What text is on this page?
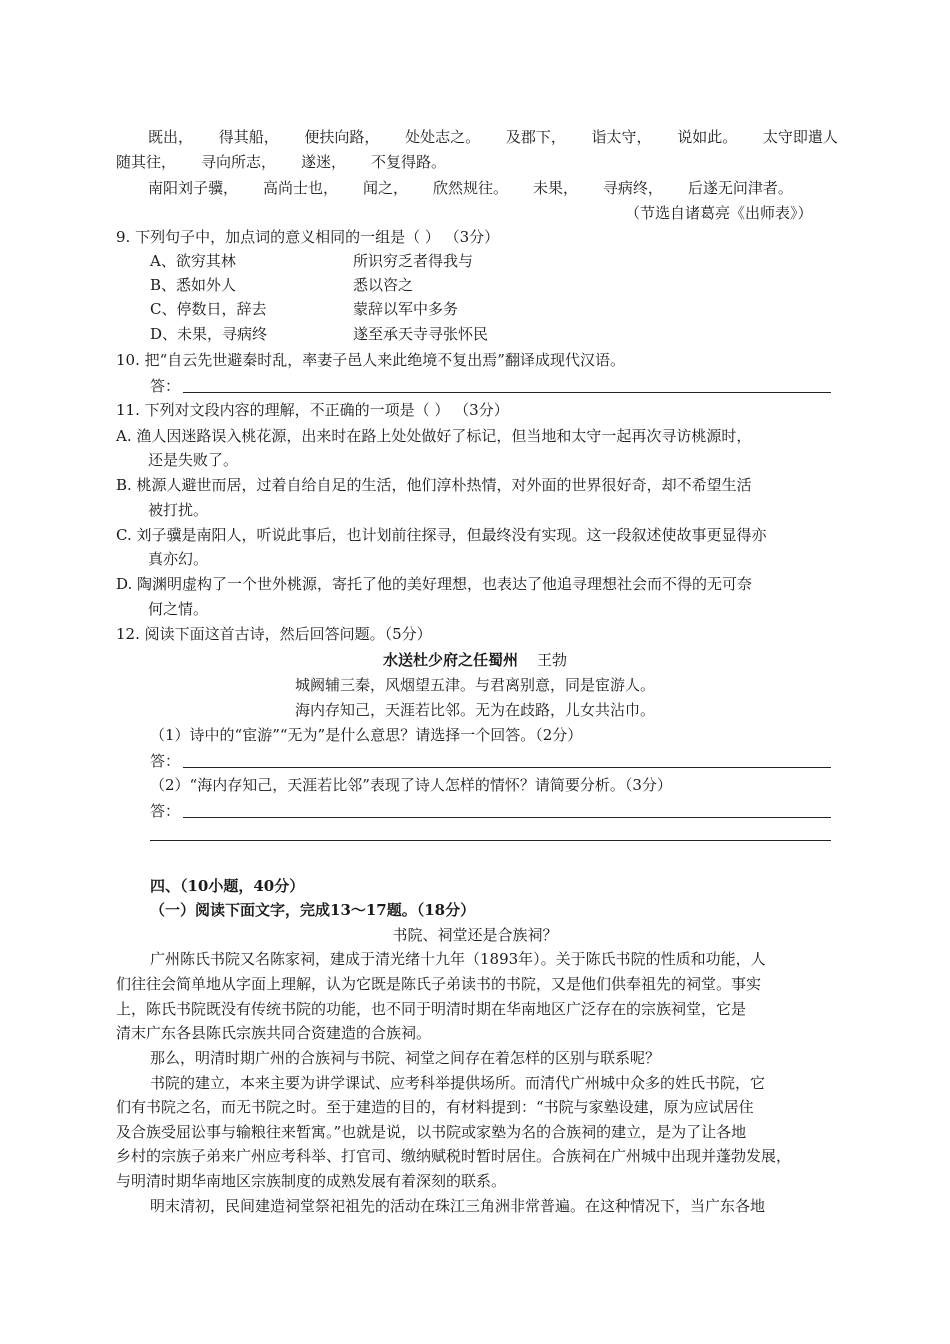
既出， 得其船， 便扶向路， 处处志之。 及郡下， 诣太守， 说如此。 太守即遣人
随其往， 寻向所志， 遂迷， 不复得路。
南阳刘子骥， 高尚士也， 闻之， 欣然规往。 未果， 寻病终， 后遂无问津者。
（节选自诸葛亮《出师表》）
9. 下列句子中，加点词的意义相同的一组是（ ） （3分）
A、欲穷其林	所识穷乏者得我与
B、悉如外人	悉以咨之
C、停数日，辞去	蒙辞以军中多务
D、未果，寻病终	遂至承天寺寻张怀民
10. 把“自云先世避秦时乱，率妻子邑人来此绝境不复出焉”翻译成现代汉语。
答：
11. 下列对文段内容的理解，不正确的一项是（ ） （3分）
A. 渔人因迷路误入桃花源，出来时在路上处处做好了标记，但当地和太守一起再次寻访桃源时，
还是失败了。
B. 桃源人避世而居，过着自给自足的生活，他们淳朴热情，对外面的世界很好奇，却不希望生活
被打扰。
C. 刘子骥是南阳人，听说此事后，也计划前往探寻，但最终没有实现。这一段叙述使故事更显得亦
真亦幻。
D. 陶渊明虚构了一个世外桃源，寄托了他的美好理想，也表达了他追寻理想社会而不得的无可奈
何之情。
12. 阅读下面这首古诗，然后回答问题。（5分）
水送杜少府之任蜀州 王勃
城阙辅三秦，风烟望五津。与君离别意，同是宦游人。
海内存知己，天涯若比邻。无为在歧路，儿女共沾巾。
（1）诗中的“宦游”“无为”是什么意思？请选择一个回答。（2分）
答：
（2）“海内存知己，天涯若比邻”表现了诗人怎样的情怀？请简要分析。（3分）
答：
四、（10小题，40分）
（一）阅读下面文字，完成13～17题。（18分）
书院、祠堂还是合族祠？
广州陈氏书院又名陈家祠，建成于清光绪十九年（1893年）。关于陈氏书院的性质和功能，人
们往往会简单地从字面上理解，认为它既是陈氏子弟读书的书院，又是他们供奉祖先的祠堂。事实
上，陈氏书院既没有传统书院的功能，也不同于明清时期在华南地区广泛存在的宗族祠堂，它是
清末广东各县陈氏宗族共同合资建造的合族祠。
那么，明清时期广州的合族祠与书院、祠堂之间存在着怎样的区别与联系呢？
书院的建立，本来主要为讲学课试、应考科举提供场所。而清代广州城中众多的姓氏书院，它
们有书院之名，而无书院之时。至于建造的目的，有材料提到：“书院与家塾设建，原为应试居住
及合族受屈讼事与输粮往来暂寓。”也就是说，以书院或家塾为名的合族祠的建立，是为了让各地
乡村的宗族子弟来广州应考科举、打官司、缴纳赋税时暂时居住。合族祠在广州城中出现并蓬勃发展，
与明清时期华南地区宗族制度的成熟发展有着深刻的联系。
明末清初，民间建造祠堂祭祀祖先的活动在珠江三角洲非常普遍。在这种情况下，当广东各地
